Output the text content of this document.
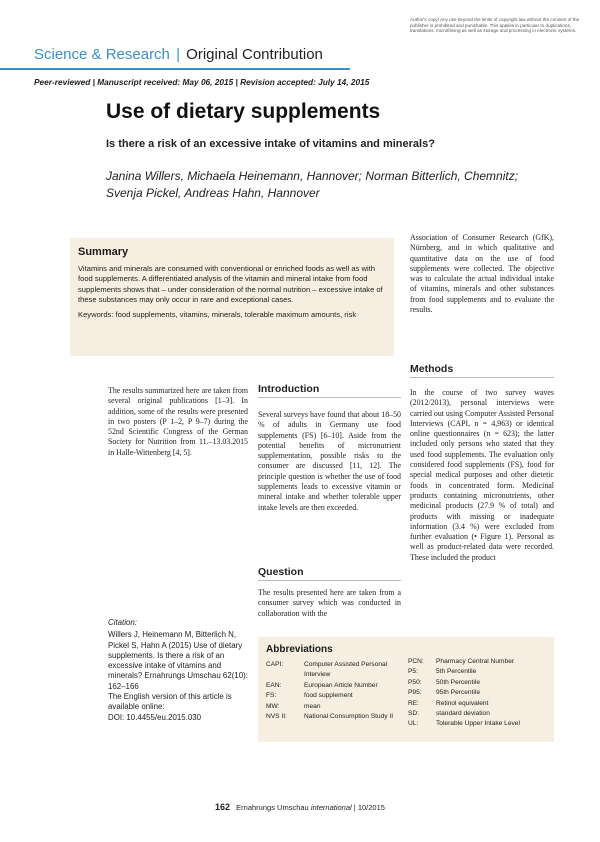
Author's copy! Any use beyond the limits of copyright law without the consent of the publisher is prohibited and punishable. This applies in particular to duplications, translations, microfilming as well as storage and processing in electronic systems.
Science & Research | Original Contribution
Peer-reviewed | Manuscript received: May 06, 2015 | Revision accepted: July 14, 2015
Use of dietary supplements
Is there a risk of an excessive intake of vitamins and minerals?
Janina Willers, Michaela Heinemann, Hannover; Norman Bitterlich, Chemnitz; Svenja Pickel, Andreas Hahn, Hannover
Summary

Vitamins and minerals are consumed with conventional or enriched foods as well as with food supplements. A differentiated analysis of the vitamin and mineral intake from food supplements shows that – under consideration of the normal nutrition – excessive intake of these substances may only occur in rare and exceptional cases.

Keywords: food supplements, vitamins, minerals, tolerable maximum amounts, risk

The results summarized here are taken from several original publications [1–3]. In addition, some of the results were presented in two posters (P 1–2, P 9–7) during the 52nd Scientific Congress of the German Society for Nutrition from 11.–13.03.2015 in Halle-Wittenberg [4, 5].
Introduction
Several surveys have found that about 18–50 % of adults in Germany use food supplements (FS) [6–10]. Aside from the potential benefits of micronutrient supplementation, possible risks to the consumer are discussed [11, 12]. The principle question is whether the use of food supplements leads to excessive vitamin or mineral intake and whether tolerable upper intake levels are then exceeded.
Question
The results presented here are taken from a consumer survey which was conducted in collaboration with the
Association of Consumer Research (GfK), Nürnberg, and in which qualitative and quantitative data on the use of food supplements were collected. The objective was to calculate the actual individual intake of vitamins, minerals and other substances from food supplements and to evaluate the results.
Methods
In the course of two survey waves (2012/2013), personal interviews were carried out using Computer Assisted Personal Interviews (CAPI, n = 4,963) or identical online questionnaires (n = 623); the latter included only persons who stated that they used food supplements. The evaluation only considered food supplements (FS), food for special medical purposes and other dietetic foods in concentrated form. Medicinal products containing micronutrients, other medicinal products (27.9 % of total) and products with missing or inadequate information (3.4 %) were excluded from further evaluation (• Figure 1). Personal as well as product-related data were recorded. These included the product
Citation:
Willers J, Heinemann M, Bitterlich N, Pickel S, Hahn A (2015) Use of dietary supplements. Is there a risk of an excessive intake of vitamins and minerals? Ernahrungs Umschau 62(10): 162–166
The English version of this article is available online:
DOI: 10.4455/eu.2015.030
Abbreviations
CAPI:	Computer Assisted Personal Interview
EAN:	European Article Number
FS:	food supplement
MW:	mean
NVS II:	National Consumption Study II
PCN:	Pharmacy Central Number
P5:	5th Percentile
P50:	50th Percentile
P95:	95th Percentile
RE:	Retinol equivalent
SD:	standard deviation
UL:	Tolerable Upper Intake Level
162 Ernahrungs Umschau international | 10/2015
